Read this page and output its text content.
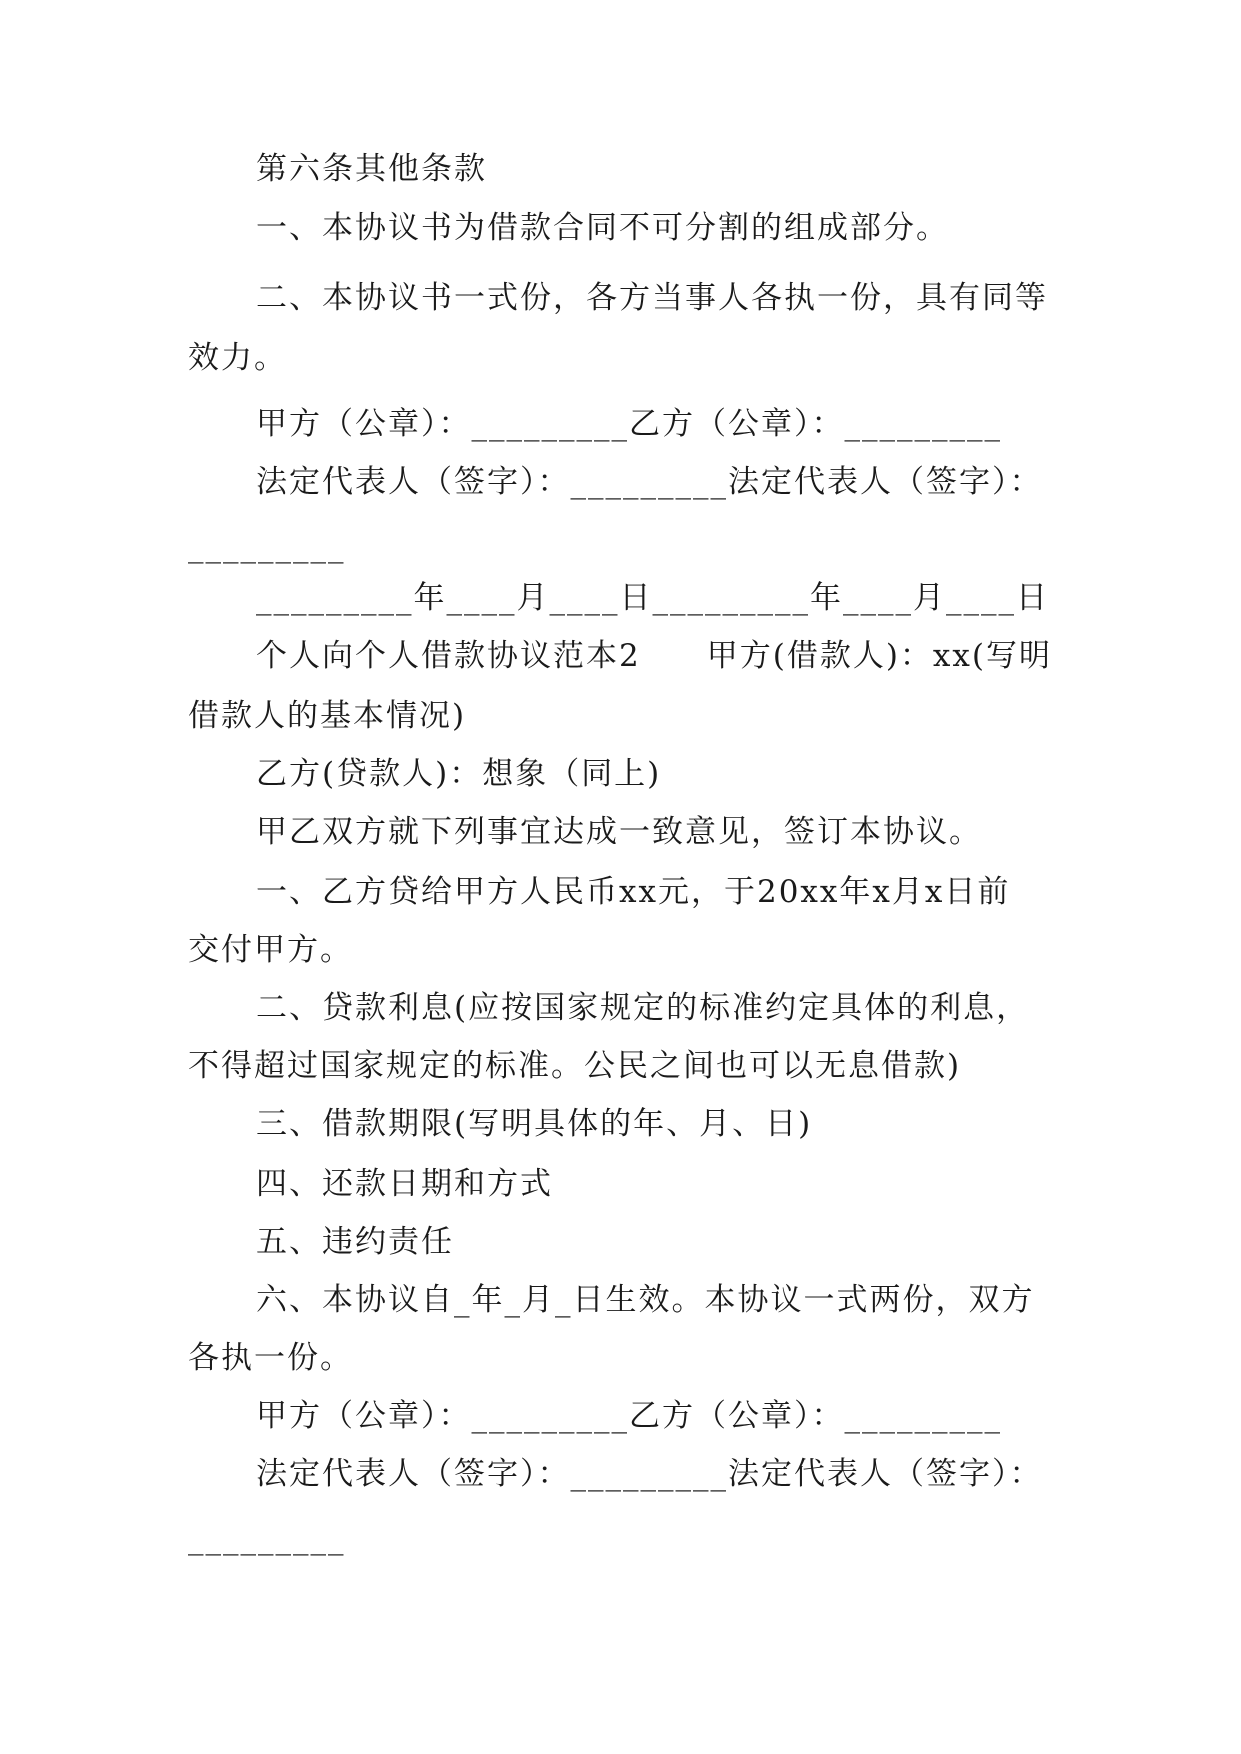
第六条其他条款
一、本协议书为借款合同不可分割的组成部分。
二、本协议书一式份，各方当事人各执一份，具有同等
效力。
甲方（公章）：_________乙方（公章）：_________
法定代表人（签字）：_________法定代表人（签字）：
_________
_________年____月____日_________年____月____日
个人向个人借款协议范本2　　甲方(借款人)：xx(写明
借款人的基本情况)
乙方(贷款人)：想象（同上)
甲乙双方就下列事宜达成一致意见，签订本协议。
一、乙方贷给甲方人民币xx元，于20xx年x月x日前
交付甲方。
二、贷款利息(应按国家规定的标准约定具体的利息，
不得超过国家规定的标准。公民之间也可以无息借款)
三、借款期限(写明具体的年、月、日)
四、还款日期和方式
五、违约责任
六、本协议自_年_月_日生效。本协议一式两份，双方
各执一份。
甲方（公章）：_________乙方（公章）：_________
法定代表人（签字）：_________法定代表人（签字）：
_________
